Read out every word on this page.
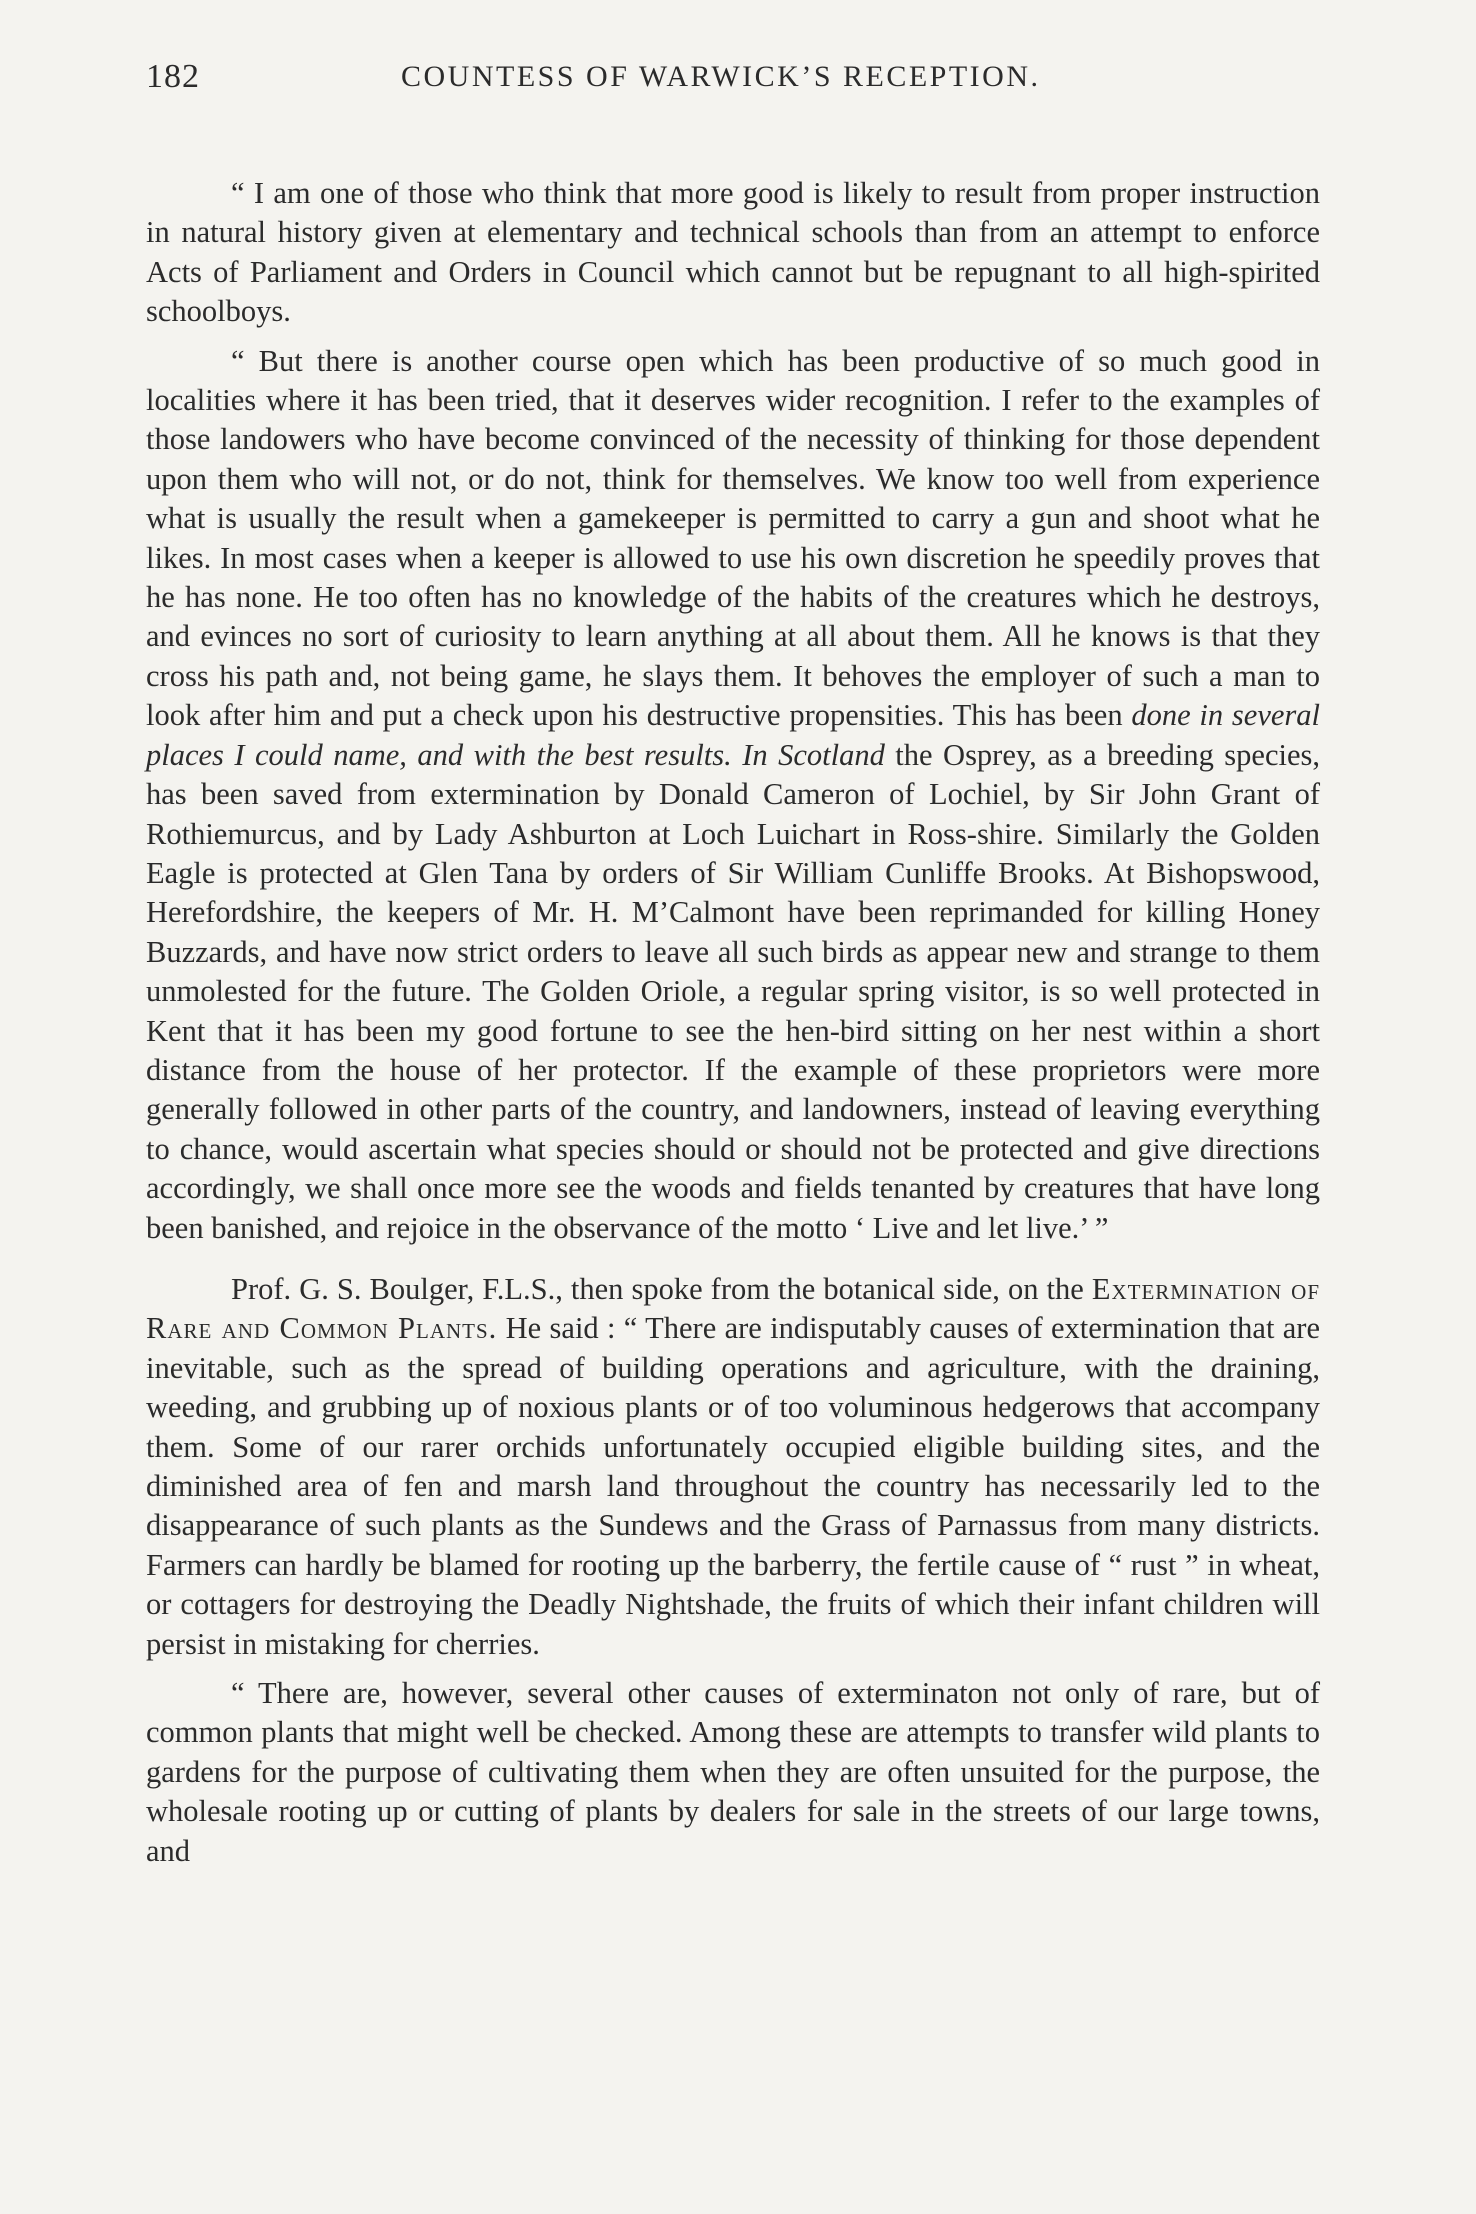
182	COUNTESS OF WARWICK’S RECEPTION.

“ I am one of those who think that more good is likely to result from proper instruction in natural history given at elementary and technical schools than from an attempt to enforce Acts of Parliament and Orders in Council which cannot but be repugnant to all high-spirited schoolboys.

“ But there is another course open which has been productive of so much good in localities where it has been tried, that it deserves wider recognition. I refer to the examples of those landowers who have become convinced of the necessity of thinking for those dependent upon them who will not, or do not, think for themselves. We know too well from experience what is usually the result when a gamekeeper is permitted to carry a gun and shoot what he likes. In most cases when a keeper is allowed to use his own discretion he speedily proves that he has none. He too often has no knowledge of the habits of the creatures which he destroys, and evinces no sort of curiosity to learn anything at all about them. All he knows is that they cross his path and, not being game, he slays them. It behoves the employer of such a man to look after him and put a check upon his destructive propensities. This has been done in several places I could name, and with the best results. In Scotland the Osprey, as a breeding species, has been saved from extermination by Donald Cameron of Lochiel, by Sir John Grant of Rothiemurcus, and by Lady Ashburton at Loch Luichart in Ross-shire. Similarly the Golden Eagle is protected at Glen Tana by orders of Sir William Cunliffe Brooks. At Bishopswood, Herefordshire, the keepers of Mr. H. M’Calmont have been reprimanded for killing Honey Buzzards, and have now strict orders to leave all such birds as appear new and strange to them unmolested for the future. The Golden Oriole, a regular spring visitor, is so well protected in Kent that it has been my good fortune to see the hen-bird sitting on her nest within a short distance from the house of her protector. If the example of these proprietors were more generally followed in other parts of the country, and landowners, instead of leaving everything to chance, would ascertain what species should or should not be protected and give directions accordingly, we shall once more see the woods and fields tenanted by creatures that have long been banished, and rejoice in the observance of the motto ‘ Live and let live.’ ”

Prof. G. S. Boulger, F.L.S., then spoke from the botanical side, on the Extermination of Rare and Common Plants. He said : “ There are indisputably causes of extermination that are inevitable, such as the spread of building operations and agriculture, with the draining, weeding, and grubbing up of noxious plants or of too voluminous hedgerows that accompany them. Some of our rarer orchids unfortunately occupied eligible building sites, and the diminished area of fen and marsh land throughout the country has necessarily led to the disappearance of such plants as the Sundews and the Grass of Parnassus from many districts. Farmers can hardly be blamed for rooting up the barberry, the fertile cause of “ rust ” in wheat, or cottagers for destroying the Deadly Nightshade, the fruits of which their infant children will persist in mistaking for cherries.

“ There are, however, several other causes of exterminaton not only of rare, but of common plants that might well be checked. Among these are attempts to transfer wild plants to gardens for the purpose of cultivating them when they are often unsuited for the purpose, the wholesale rooting up or cutting of plants by dealers for sale in the streets of our large towns, and
